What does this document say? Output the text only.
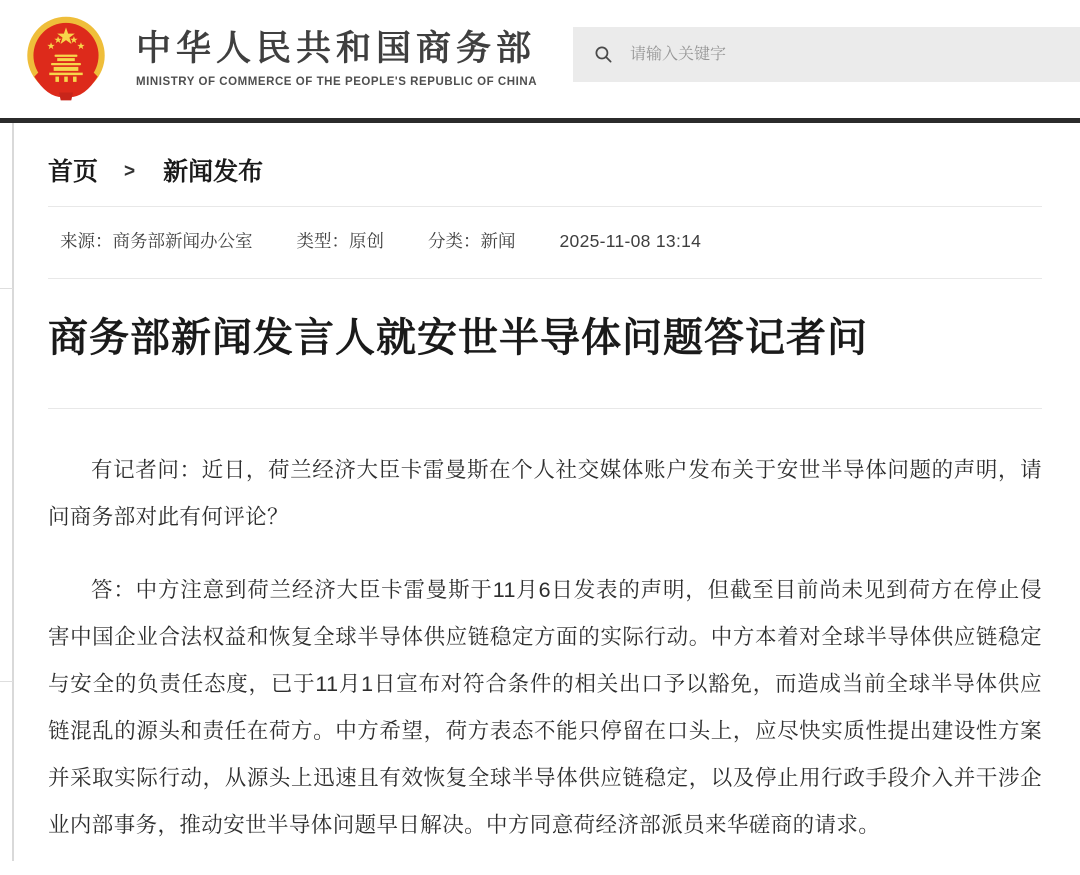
中华人民共和国商务部
MINISTRY OF COMMERCE OF THE PEOPLE'S REPUBLIC OF CHINA
请输入关键字
首页 > 新闻发布
来源：商务部新闻办公室	类型：原创	分类：新闻	2025-11-08 13:14
商务部新闻发言人就安世半导体问题答记者问

有记者问：近日，荷兰经济大臣卡雷曼斯在个人社交媒体账户发布关于安世半导体问题的声明，请问商务部对此有何评论？

答：中方注意到荷兰经济大臣卡雷曼斯于11月6日发表的声明，但截至目前尚未见到荷方在停止侵害中国企业合法权益和恢复全球半导体供应链稳定方面的实际行动。中方本着对全球半导体供应链稳定与安全的负责任态度，已于11月1日宣布对符合条件的相关出口予以豁免，而造成当前全球半导体供应链混乱的源头和责任在荷方。中方希望，荷方表态不能只停留在口头上，应尽快实质性提出建设性方案并采取实际行动，从源头上迅速且有效恢复全球半导体供应链稳定，以及停止用行政手段介入并干涉企业内部事务，推动安世半导体问题早日解决。中方同意荷经济部派员来华磋商的请求。
